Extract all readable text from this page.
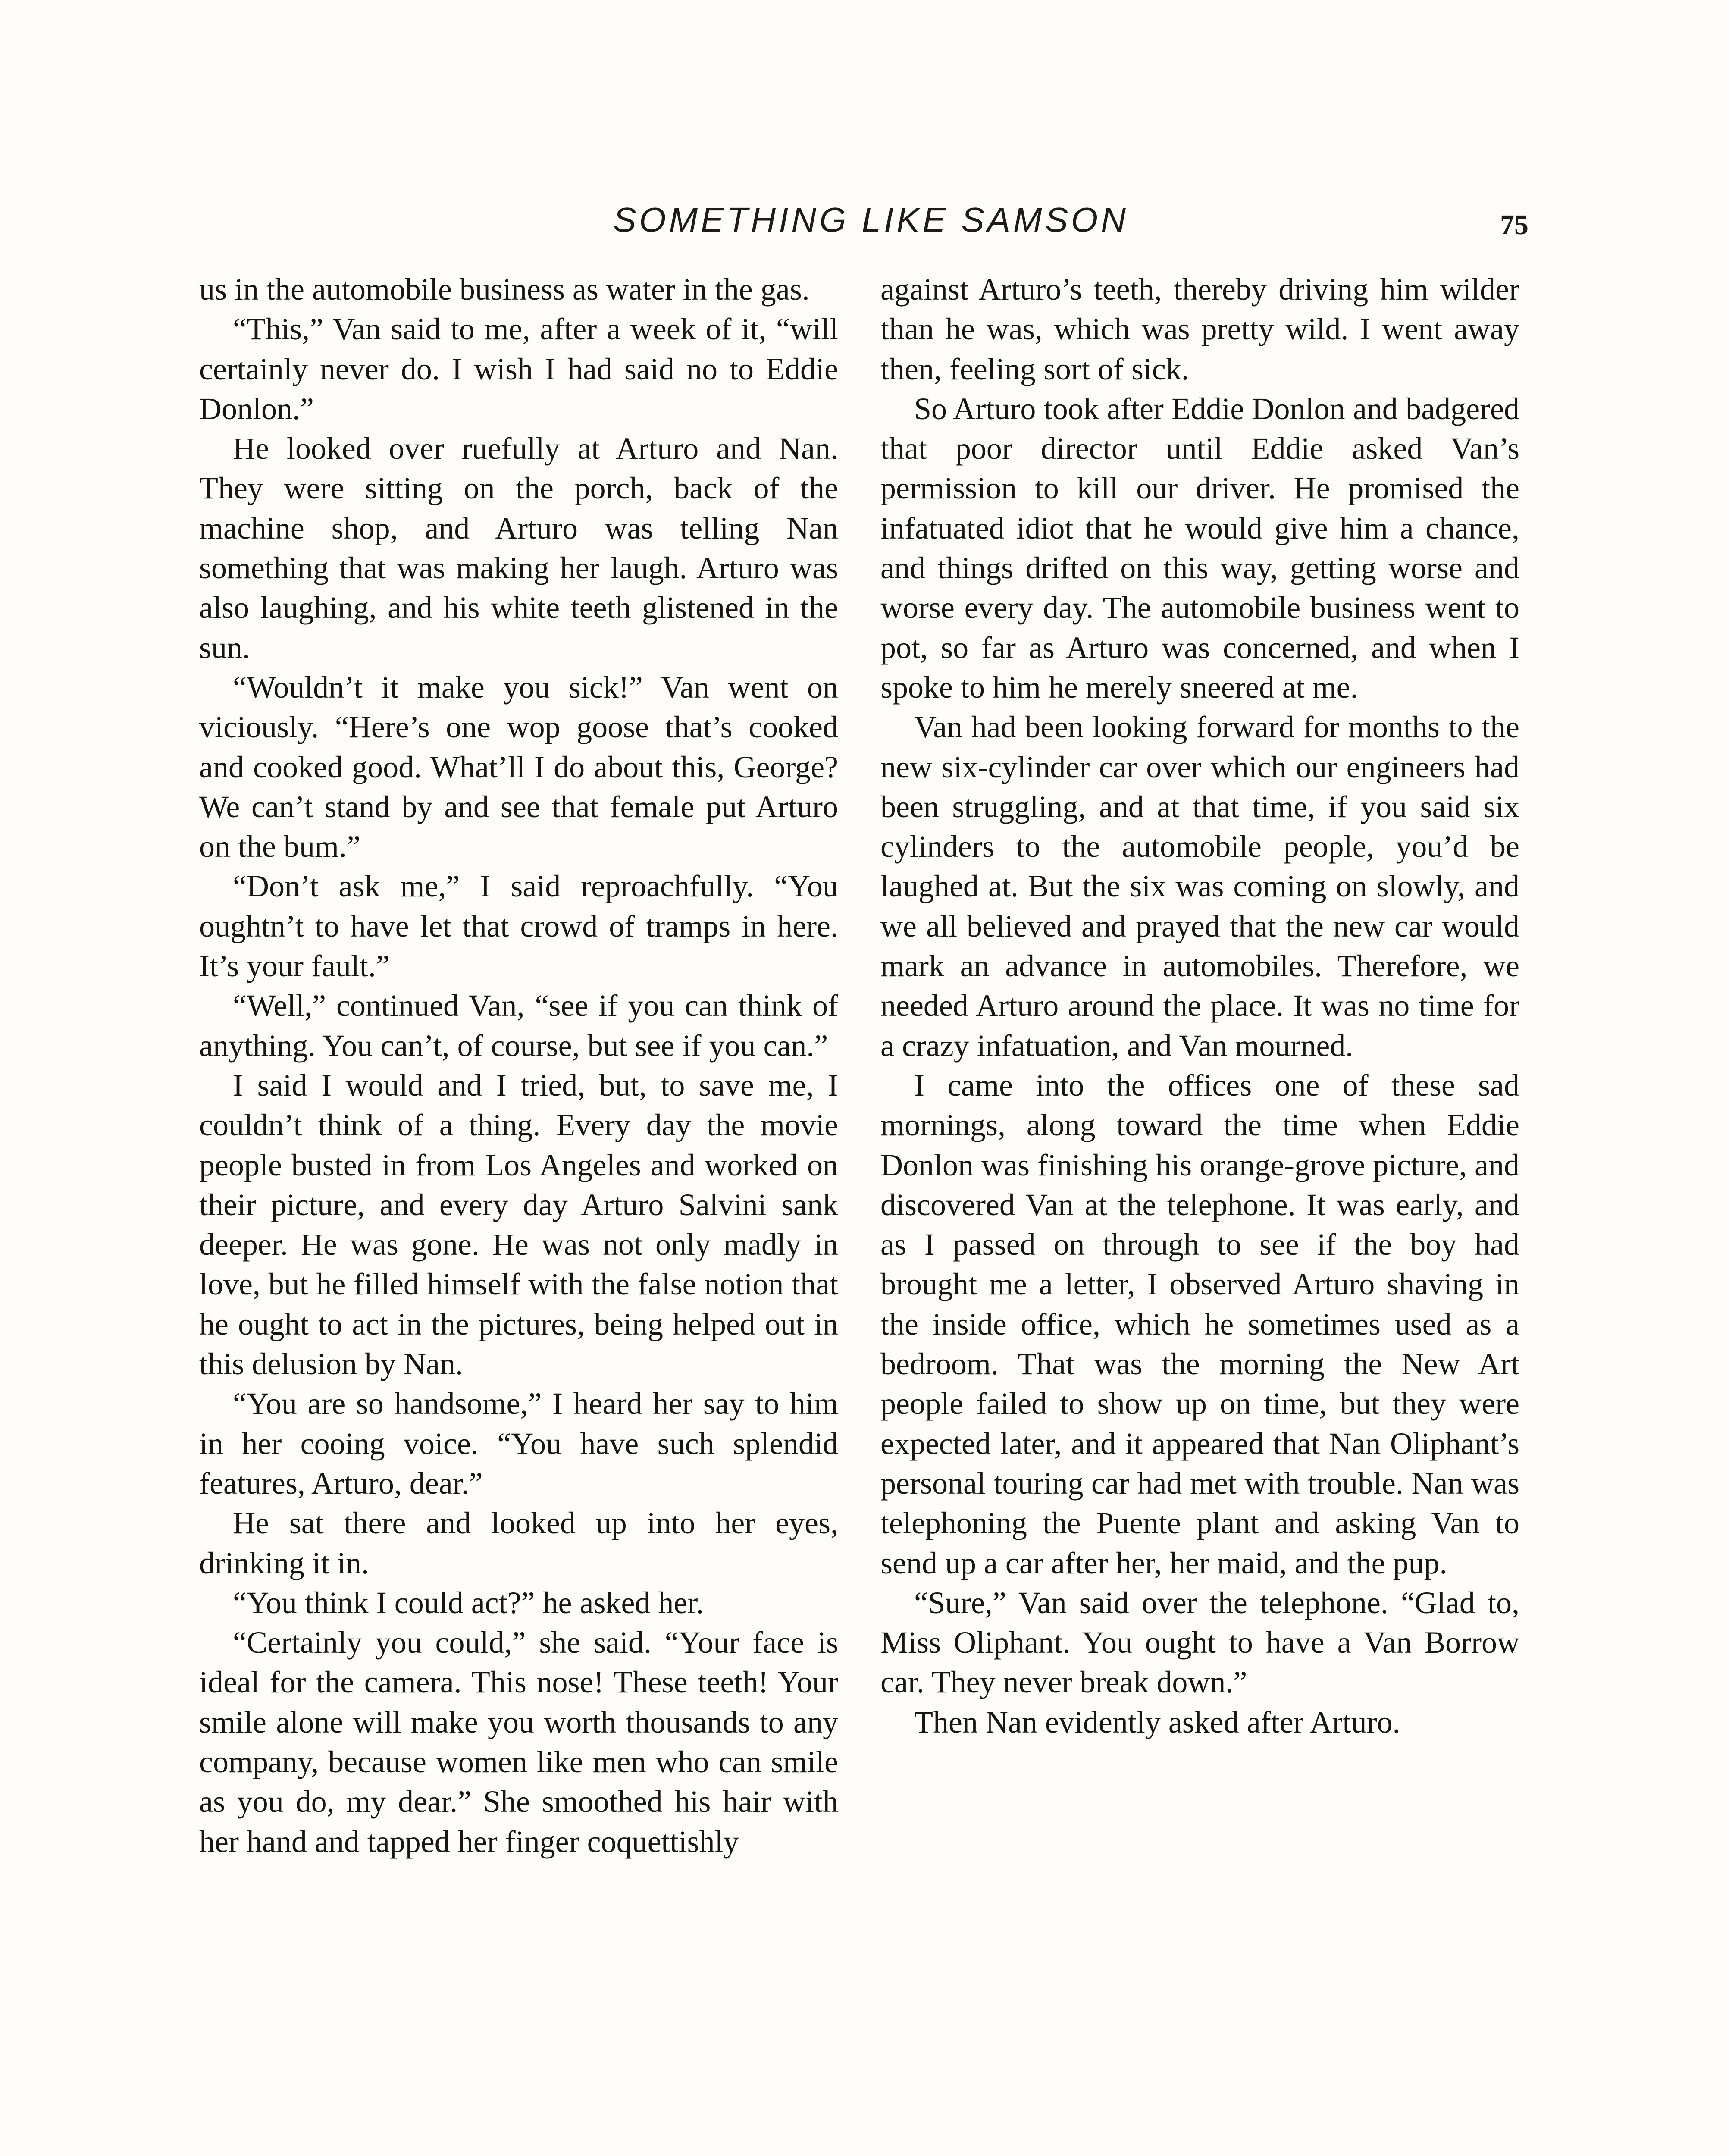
SOMETHING LIKE SAMSON	75

us in the automobile business as water in the gas.

“This,” Van said to me, after a week of it, “will certainly never do. I wish I had said no to Eddie Donlon.”

He looked over ruefully at Arturo and Nan. They were sitting on the porch, back of the machine shop, and Arturo was telling Nan something that was making her laugh. Arturo was also laughing, and his white teeth glistened in the sun.

“Wouldn’t it make you sick!” Van went on viciously. “Here’s one wop goose that’s cooked and cooked good. What’ll I do about this, George? We can’t stand by and see that female put Arturo on the bum.”

“Don’t ask me,” I said reproachfully. “You oughtn’t to have let that crowd of tramps in here. It’s your fault.”

“Well,” continued Van, “see if you can think of anything. You can’t, of course, but see if you can.”

I said I would and I tried, but, to save me, I couldn’t think of a thing. Every day the movie people busted in from Los Angeles and worked on their picture, and every day Arturo Salvini sank deeper. He was gone. He was not only madly in love, but he filled himself with the false notion that he ought to act in the pictures, being helped out in this delusion by Nan.

“You are so handsome,” I heard her say to him in her cooing voice. “You have such splendid features, Arturo, dear.”

He sat there and looked up into her eyes, drinking it in.

“You think I could act?” he asked her.

“Certainly you could,” she said. “Your face is ideal for the camera. This nose! These teeth! Your smile alone will make you worth thousands to any company, because women like men who can smile as you do, my dear.” She smoothed his hair with her hand and tapped her finger coquettishly

against Arturo’s teeth, thereby driving him wilder than he was, which was pretty wild. I went away then, feeling sort of sick.

So Arturo took after Eddie Donlon and badgered that poor director until Eddie asked Van’s permission to kill our driver. He promised the infatuated idiot that he would give him a chance, and things drifted on this way, getting worse and worse every day. The automobile business went to pot, so far as Arturo was concerned, and when I spoke to him he merely sneered at me.

Van had been looking forward for months to the new six-cylinder car over which our engineers had been struggling, and at that time, if you said six cylinders to the automobile people, you’d be laughed at. But the six was coming on slowly, and we all believed and prayed that the new car would mark an advance in automobiles. Therefore, we needed Arturo around the place. It was no time for a crazy infatuation, and Van mourned.

I came into the offices one of these sad mornings, along toward the time when Eddie Donlon was finishing his orange-grove picture, and discovered Van at the telephone. It was early, and as I passed on through to see if the boy had brought me a letter, I observed Arturo shaving in the inside office, which he sometimes used as a bedroom. That was the morning the New Art people failed to show up on time, but they were expected later, and it appeared that Nan Oliphant’s personal touring car had met with trouble. Nan was telephoning the Puente plant and asking Van to send up a car after her, her maid, and the pup.

“Sure,” Van said over the telephone. “Glad to, Miss Oliphant. You ought to have a Van Borrow car. They never break down.”

Then Nan evidently asked after Arturo.
